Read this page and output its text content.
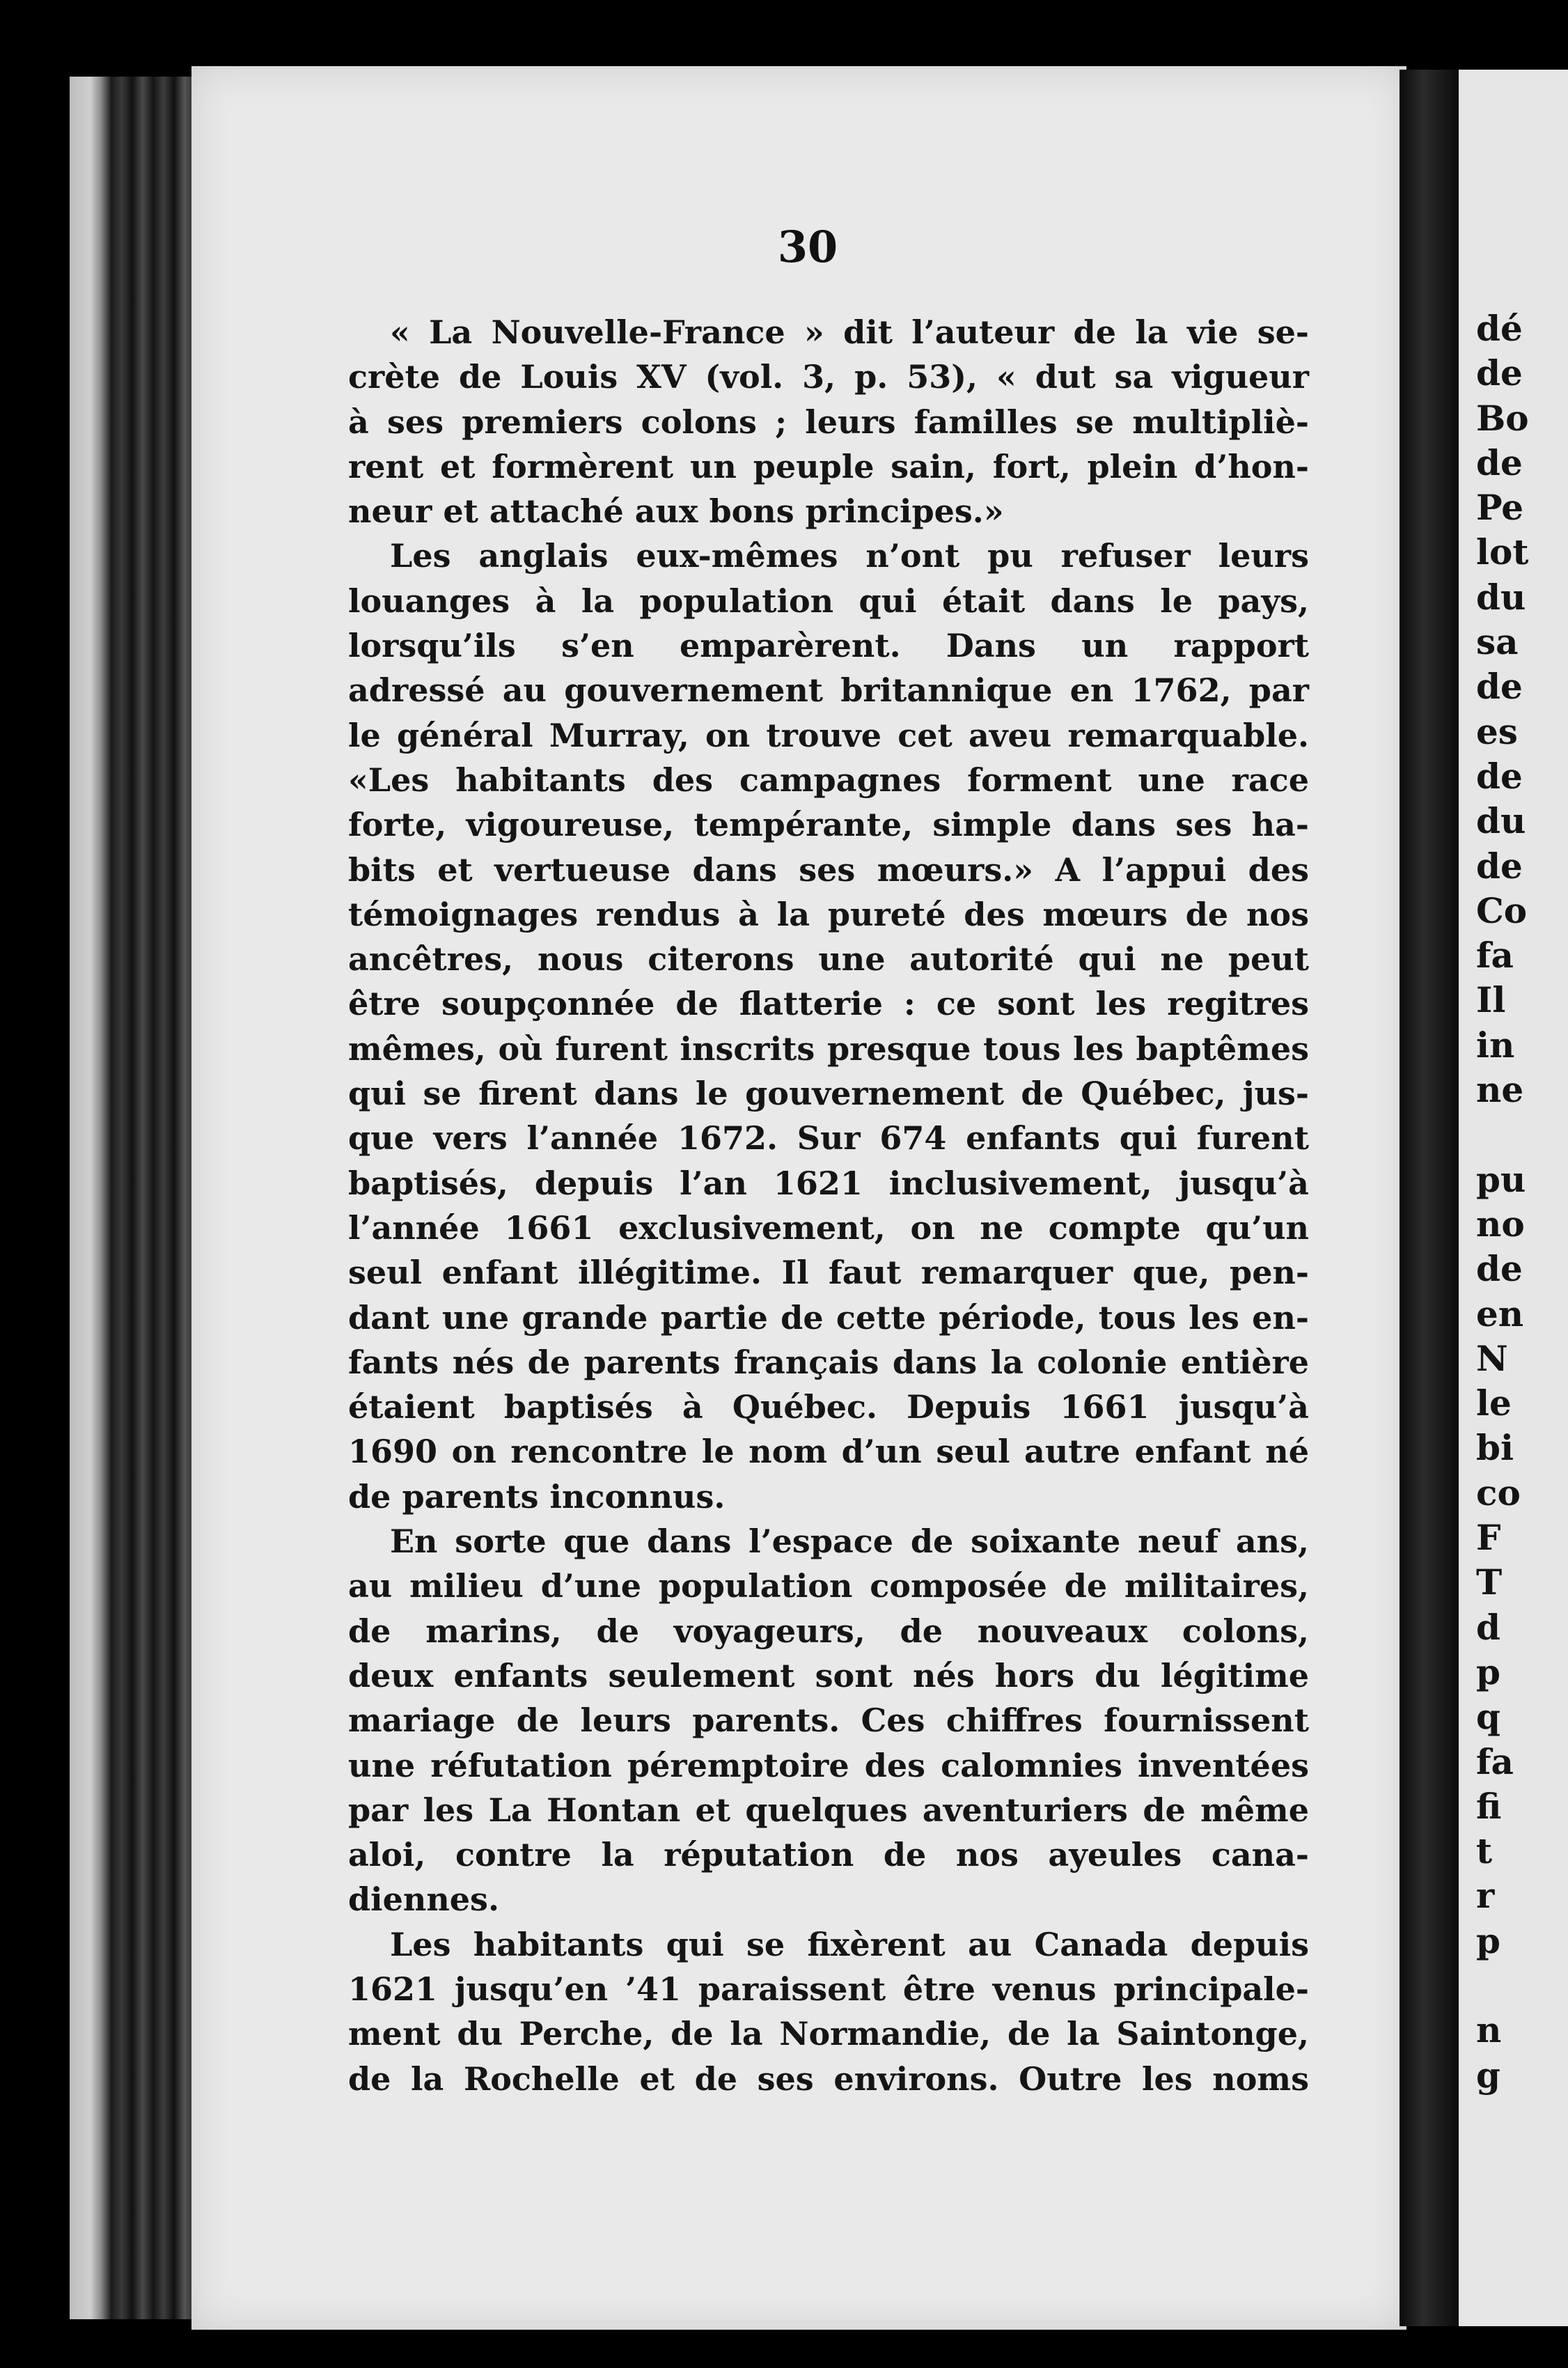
30
« La Nouvelle-France » dit l’auteur de la vie se-
crète de Louis XV (vol. 3, p. 53), « dut sa vigueur
à ses premiers colons ; leurs familles se multipliè-
rent et formèrent un peuple sain, fort, plein d’hon-
neur et attaché aux bons principes.»
Les anglais eux-mêmes n’ont pu refuser leurs
louanges à la population qui était dans le pays,
lorsqu’ils s’en emparèrent. Dans un rapport
adressé au gouvernement britannique en 1762, par
le général Murray, on trouve cet aveu remarquable.
«Les habitants des campagnes forment une race
forte, vigoureuse, tempérante, simple dans ses ha-
bits et vertueuse dans ses mœurs.» A l’appui des
témoignages rendus à la pureté des mœurs de nos
ancêtres, nous citerons une autorité qui ne peut
être soupçonnée de flatterie : ce sont les regitres
mêmes, où furent inscrits presque tous les baptêmes
qui se firent dans le gouvernement de Québec, jus-
que vers l’année 1672. Sur 674 enfants qui furent
baptisés, depuis l’an 1621 inclusivement, jusqu’à
l’année 1661 exclusivement, on ne compte qu’un
seul enfant illégitime. Il faut remarquer que, pen-
dant une grande partie de cette période, tous les en-
fants nés de parents français dans la colonie entière
étaient baptisés à Québec. Depuis 1661 jusqu’à
1690 on rencontre le nom d’un seul autre enfant né
de parents inconnus.
En sorte que dans l’espace de soixante neuf ans,
au milieu d’une population composée de militaires,
de marins, de voyageurs, de nouveaux colons,
deux enfants seulement sont nés hors du légitime
mariage de leurs parents. Ces chiffres fournissent
une réfutation péremptoire des calomnies inventées
par les La Hontan et quelques aventuriers de même
aloi, contre la réputation de nos ayeules cana-
diennes.
Les habitants qui se fixèrent au Canada depuis
1621 jusqu’en ’41 paraissent être venus principale-
ment du Perche, de la Normandie, de la Saintonge,
de la Rochelle et de ses environs. Outre les noms
dé
de
Bo
de
Pe
lot
du
sa
de
es
de
du
de
Co
fa
Il
in
ne
pu
no
de
en
N
le
bi
co
F
T
d
p
q
fa
fi
t
r
p
n
g
